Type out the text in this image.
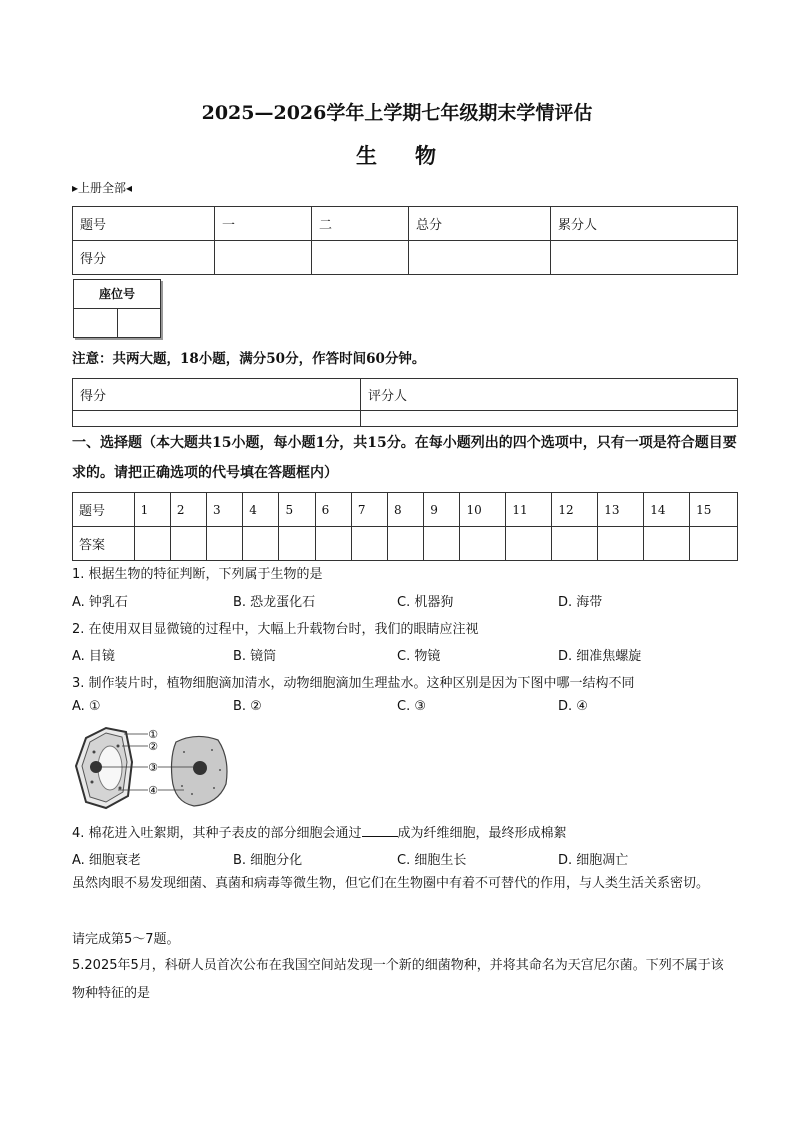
2025—2026学年上学期七年级期末学情评估
生 物
▸上册全部◂
题号	一	二	总分	累分人
得分				
座位号
注意：共两大题，18小题，满分50分，作答时间60分钟。
得分	评分人

一、选择题（本大题共15小题，每小题1分，共15分。在每小题列出的四个选项中，只有一项是符合题目要求的。请把正确选项的代号填在答题框内）
题号	1	2	3	4	5	6	7	8	9	10	11	12	13	14	15
答案															
1. 根据生物的特征判断，下列属于生物的是
A. 钟乳石	B. 恐龙蛋化石	C. 机器狗	D. 海带
2. 在使用双目显微镜的过程中，大幅上升载物台时，我们的眼睛应注视
A. 目镜	B. 镜筒	C. 物镜	D. 细准焦螺旋
3. 制作装片时，植物细胞滴加清水，动物细胞滴加生理盐水。这种区别是因为下图中哪一结构不同
A. ①	B. ②	C. ③	D. ④
①
②
③
④
4. 棉花进入吐絮期，其种子表皮的部分细胞会通过	成为纤维细胞，最终形成棉絮
A. 细胞衰老	B. 细胞分化	C. 细胞生长	D. 细胞凋亡
虽然肉眼不易发现细菌、真菌和病毒等微生物，但它们在生物圈中有着不可替代的作用，与人类生活关系密切。
请完成第5～7题。
5.2025年5月，科研人员首次公布在我国空间站发现一个新的细菌物种，并将其命名为天宫尼尔菌。下列不属于该物种特征的是
